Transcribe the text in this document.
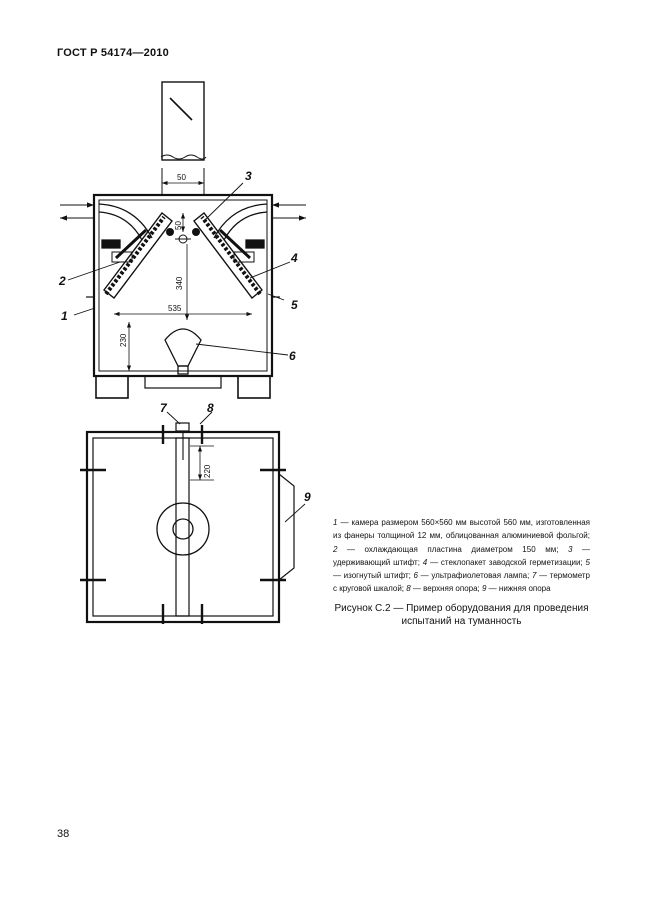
ГОСТ Р 54174—2010
50
50
340
535
230
3
2
4
5
1
6
220
7	8
9
1 — камера размером 560×560 мм высотой 560 мм, изготовленная из фанеры толщиной 12 мм, облицованная алюминиевой фольгой; 2 — охлаждающая пластина диаметром 150 мм; 3 — удерживающий штифт; 4 — стеклопакет заводской герметизации; 5 — изогнутый штифт; 6 — ультрафиолетовая лампа; 7 — термометр с круговой шкалой; 8 — верхняя опора; 9 — нижняя опора
Рисунок С.2 — Пример оборудования для проведения испытаний на туманность
38
